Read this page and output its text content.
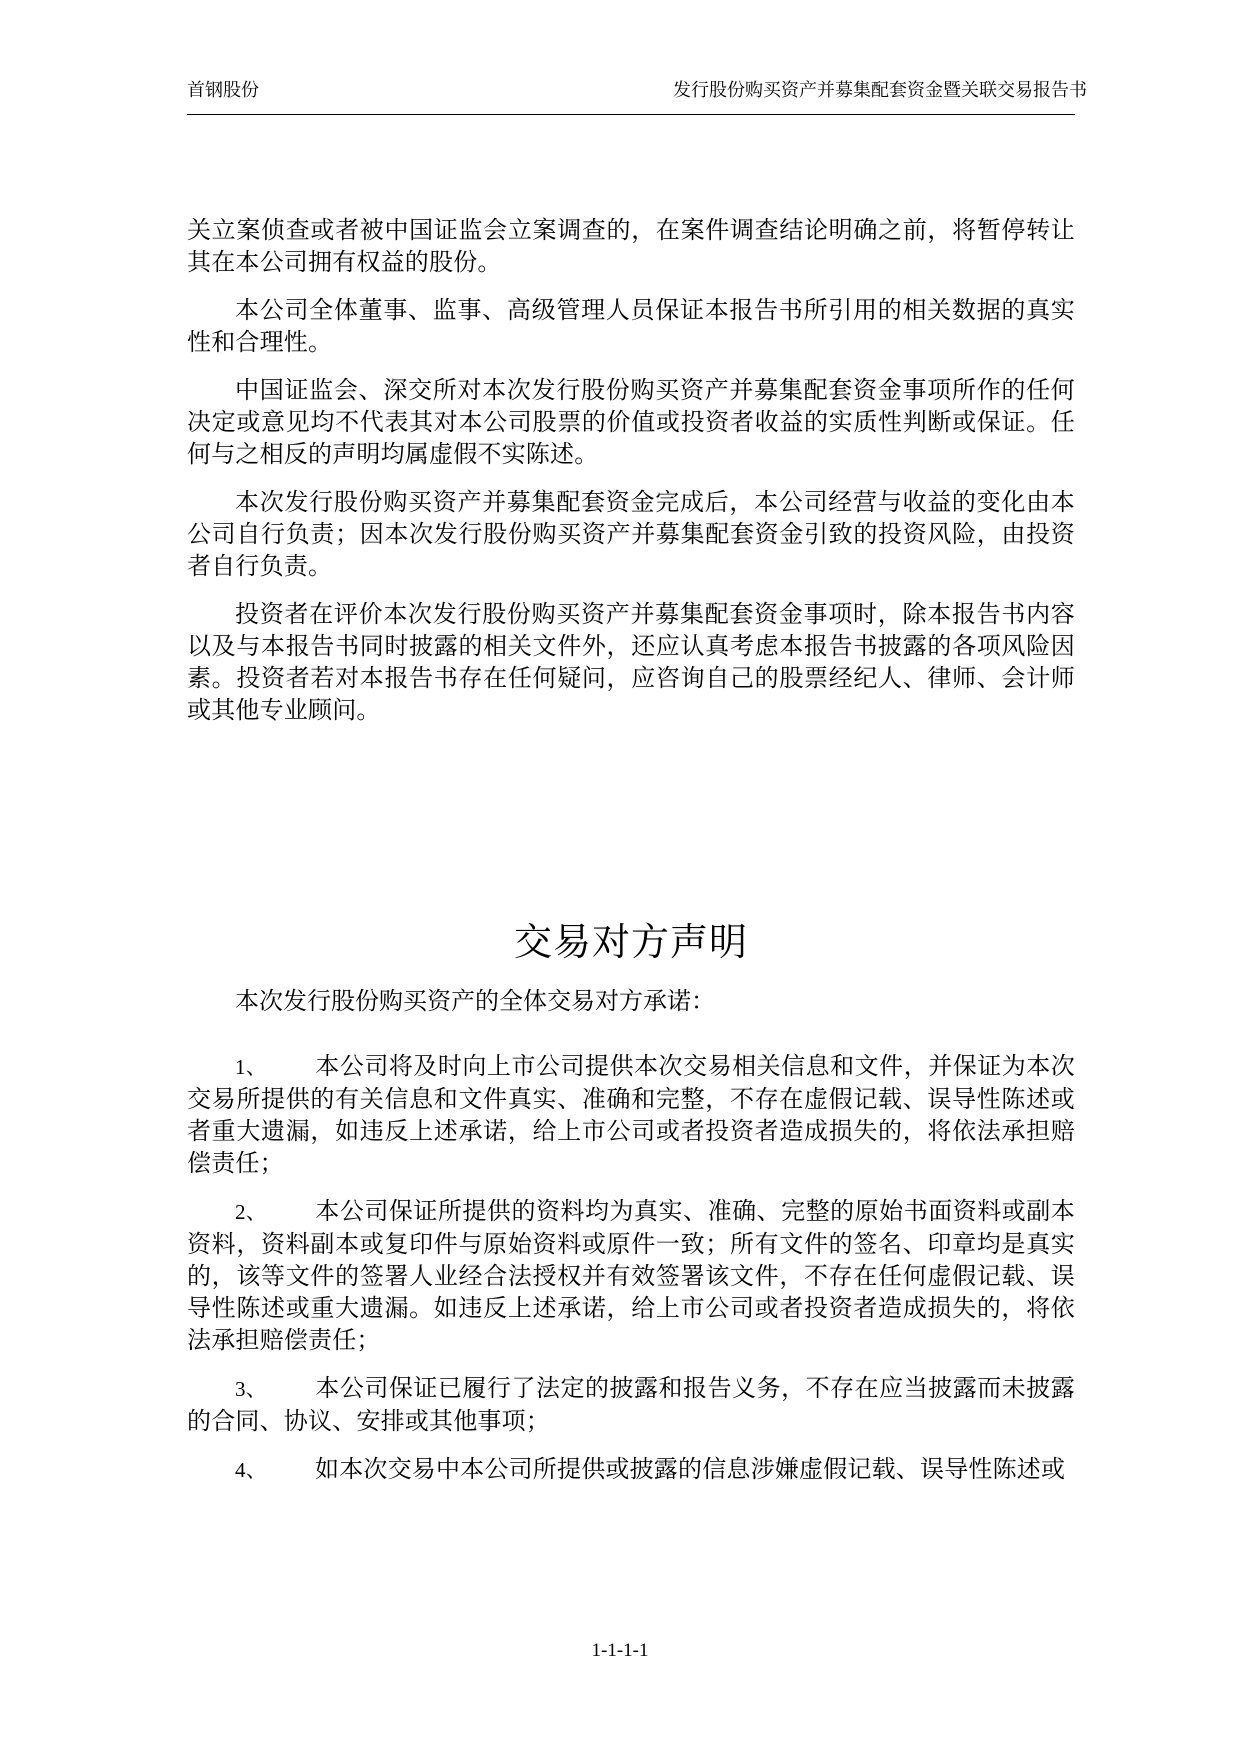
首钢股份	发行股份购买资产并募集配套资金暨关联交易报告书

关立案侦查或者被中国证监会立案调查的，在案件调查结论明确之前，将暂停转让其在本公司拥有权益的股份。

本公司全体董事、监事、高级管理人员保证本报告书所引用的相关数据的真实性和合理性。

中国证监会、深交所对本次发行股份购买资产并募集配套资金事项所作的任何决定或意见均不代表其对本公司股票的价值或投资者收益的实质性判断或保证。任何与之相反的声明均属虚假不实陈述。

本次发行股份购买资产并募集配套资金完成后，本公司经营与收益的变化由本公司自行负责；因本次发行股份购买资产并募集配套资金引致的投资风险，由投资者自行负责。

投资者在评价本次发行股份购买资产并募集配套资金事项时，除本报告书内容以及与本报告书同时披露的相关文件外，还应认真考虑本报告书披露的各项风险因素。投资者若对本报告书存在任何疑问，应咨询自己的股票经纪人、律师、会计师或其他专业顾问。

交易对方声明
本次发行股份购买资产的全体交易对方承诺：

1、 本公司将及时向上市公司提供本次交易相关信息和文件，并保证为本次交易所提供的有关信息和文件真实、准确和完整，不存在虚假记载、误导性陈述或者重大遗漏，如违反上述承诺，给上市公司或者投资者造成损失的，将依法承担赔偿责任；

2、 本公司保证所提供的资料均为真实、准确、完整的原始书面资料或副本资料，资料副本或复印件与原始资料或原件一致；所有文件的签名、印章均是真实的，该等文件的签署人业经合法授权并有效签署该文件，不存在任何虚假记载、误导性陈述或重大遗漏。如违反上述承诺，给上市公司或者投资者造成损失的，将依法承担赔偿责任；

3、 本公司保证已履行了法定的披露和报告义务，不存在应当披露而未披露的合同、协议、安排或其他事项；

4、 如本次交易中本公司所提供或披露的信息涉嫌虚假记载、误导性陈述或

1-1-1-1
